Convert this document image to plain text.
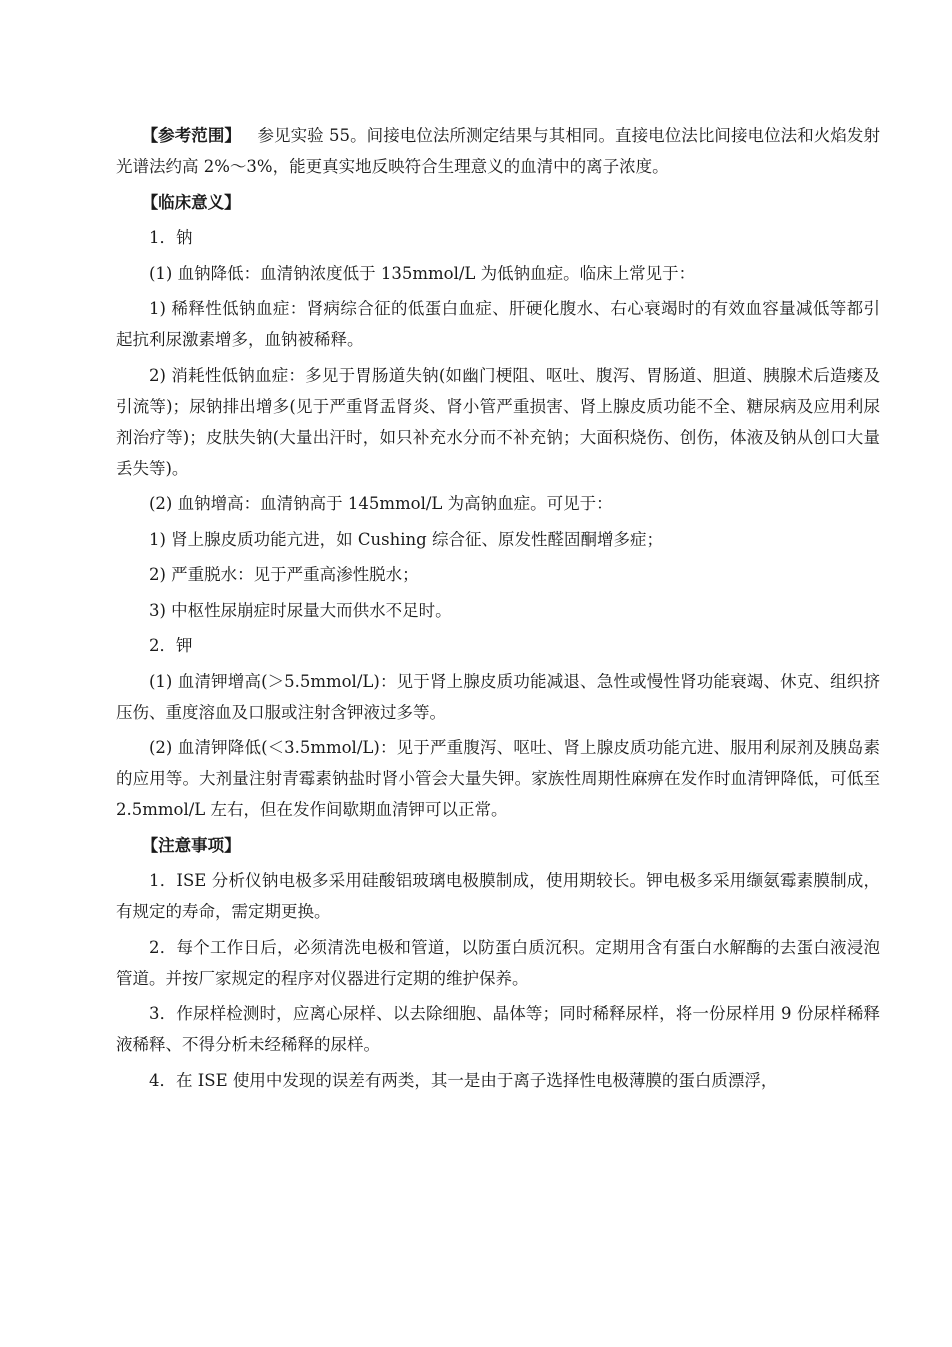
【参考范围】 参见实验 55。间接电位法所测定结果与其相同。直接电位法比间接电位法和火焰发射光谱法约高 2%～3%，能更真实地反映符合生理意义的血清中的离子浓度。

【临床意义】

1．钠

(1) 血钠降低：血清钠浓度低于 135mmol/L 为低钠血症。临床上常见于：

1) 稀释性低钠血症：肾病综合征的低蛋白血症、肝硬化腹水、右心衰竭时的有效血容量减低等都引起抗利尿激素增多，血钠被稀释。

2) 消耗性低钠血症：多见于胃肠道失钠(如幽门梗阻、呕吐、腹泻、胃肠道、胆道、胰腺术后造瘘及引流等)；尿钠排出增多(见于严重肾盂肾炎、肾小管严重损害、肾上腺皮质功能不全、糖尿病及应用利尿剂治疗等)；皮肤失钠(大量出汗时，如只补充水分而不补充钠；大面积烧伤、创伤，体液及钠从创口大量丢失等)。

(2) 血钠增高：血清钠高于 145mmol/L 为高钠血症。可见于：

1) 肾上腺皮质功能亢进，如 Cushing 综合征、原发性醛固酮增多症；

2) 严重脱水：见于严重高渗性脱水；

3) 中枢性尿崩症时尿量大而供水不足时。

2．钾

(1) 血清钾增高(＞5.5mmol/L)：见于肾上腺皮质功能减退、急性或慢性肾功能衰竭、休克、组织挤压伤、重度溶血及口服或注射含钾液过多等。

(2) 血清钾降低(＜3.5mmol/L)：见于严重腹泻、呕吐、肾上腺皮质功能亢进、服用利尿剂及胰岛素的应用等。大剂量注射青霉素钠盐时肾小管会大量失钾。家族性周期性麻痹在发作时血清钾降低，可低至 2.5mmol/L 左右，但在发作间歇期血清钾可以正常。

【注意事项】

1．ISE 分析仪钠电极多采用硅酸铝玻璃电极膜制成，使用期较长。钾电极多采用缬氨霉素膜制成，有规定的寿命，需定期更换。

2．每个工作日后，必须清洗电极和管道，以防蛋白质沉积。定期用含有蛋白水解酶的去蛋白液浸泡管道。并按厂家规定的程序对仪器进行定期的维护保养。

3．作尿样检测时，应离心尿样、以去除细胞、晶体等；同时稀释尿样，将一份尿样用 9 份尿样稀释液稀释、不得分析未经稀释的尿样。

4．在 ISE 使用中发现的误差有两类，其一是由于离子选择性电极薄膜的蛋白质漂浮，
